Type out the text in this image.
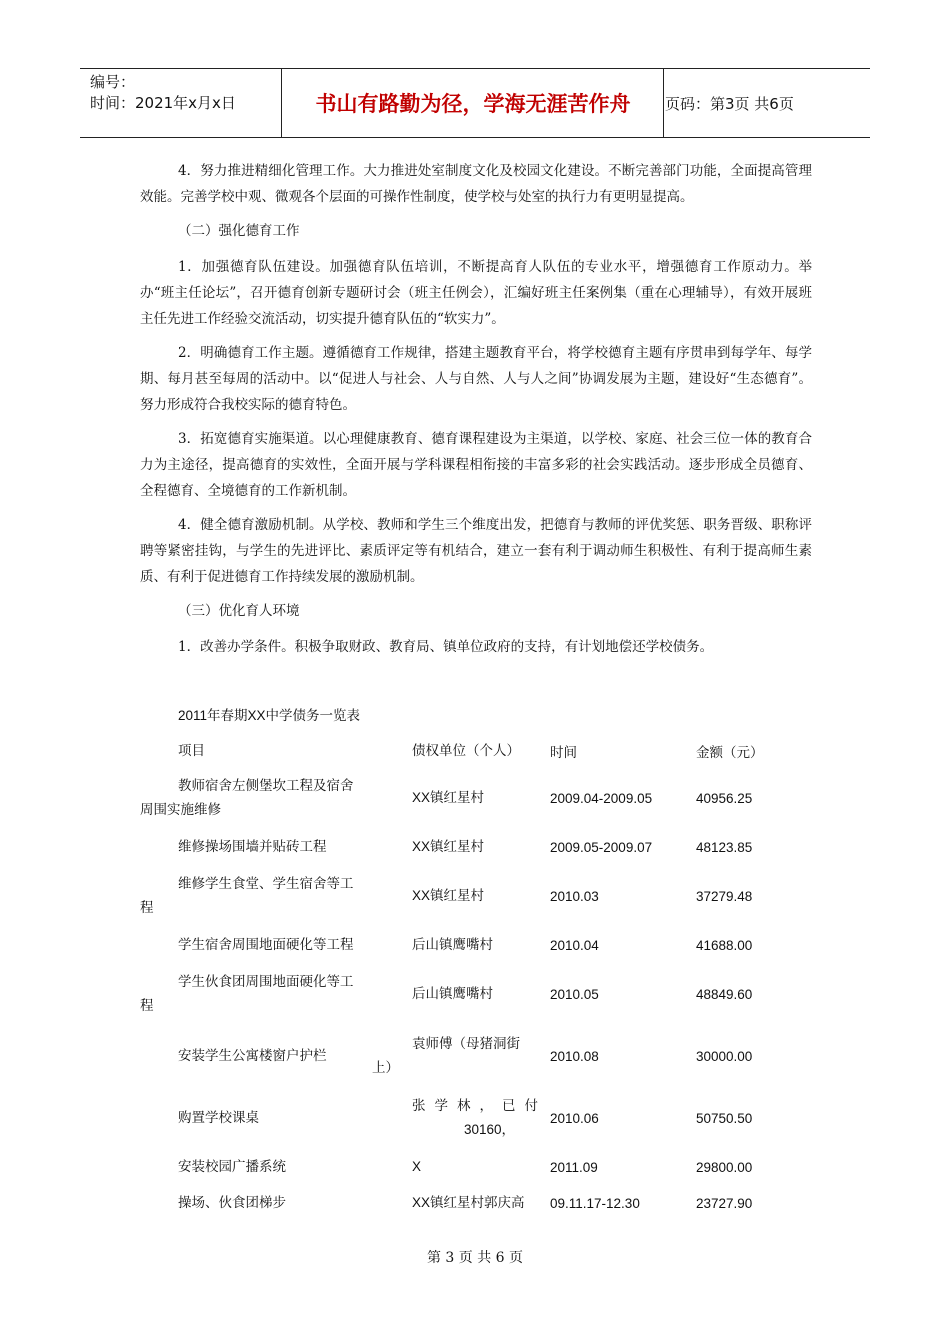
编号：
时间：2021年x月x日	书山有路勤为径，学海无涯苦作舟	页码：第3页 共6页

4．努力推进精细化管理工作。大力推进处室制度文化及校园文化建设。不断完善部门功能，全面提高管理效能。完善学校中观、微观各个层面的可操作性制度，使学校与处室的执行力有更明显提高。

（二）强化德育工作

1．加强德育队伍建设。加强德育队伍培训，不断提高育人队伍的专业水平，增强德育工作原动力。举办“班主任论坛”，召开德育创新专题研讨会（班主任例会），汇编好班主任案例集（重在心理辅导），有效开展班主任先进工作经验交流活动，切实提升德育队伍的“软实力”。

2．明确德育工作主题。遵循德育工作规律，搭建主题教育平台，将学校德育主题有序贯串到每学年、每学期、每月甚至每周的活动中。以“促进人与社会、人与自然、人与人之间”协调发展为主题，建设好“生态德育”。努力形成符合我校实际的德育特色。

3．拓宽德育实施渠道。以心理健康教育、德育课程建设为主渠道，以学校、家庭、社会三位一体的教育合力为主途径，提高德育的实效性，全面开展与学科课程相衔接的丰富多彩的社会实践活动。逐步形成全员德育、全程德育、全境德育的工作新机制。

4．健全德育激励机制。从学校、教师和学生三个维度出发，把德育与教师的评优奖惩、职务晋级、职称评聘等紧密挂钩，与学生的先进评比、素质评定等有机结合，建立一套有利于调动师生积极性、有利于提高师生素质、有利于促进德育工作持续发展的激励机制。

（三）优化育人环境

1．改善办学条件。积极争取财政、教育局、镇单位政府的支持，有计划地偿还学校债务。

2011年春期XX中学债务一览表
项目	债权单位（个人）	时间	金额（元）

教师宿舍左侧堡坎工程及宿舍
周围实施维修	XX镇红星村	2009.04-2009.05	40956.25

维修操场围墙并贴砖工程	XX镇红星村	2009.05-2009.07	48123.85

维修学生食堂、学生宿舍等工
程	XX镇红星村	2010.03	37279.48

学生宿舍周围地面硬化等工程	后山镇鹰嘴村	2010.04	41688.00

学生伙食团周围地面硬化等工
程	后山镇鹰嘴村	2010.05	48849.60

安装学生公寓楼窗户护栏	袁师傅（母猪洞街
上）	2010.08	30000.00

购置学校课桌	张学林，已付
30160，	2010.06	50750.50

安装校园广播系统	X	2011.09	29800.00

操场、伙食团梯步	XX镇红星村郭庆高	09.11.17-12.30	23727.90
第 3 页 共 6 页
